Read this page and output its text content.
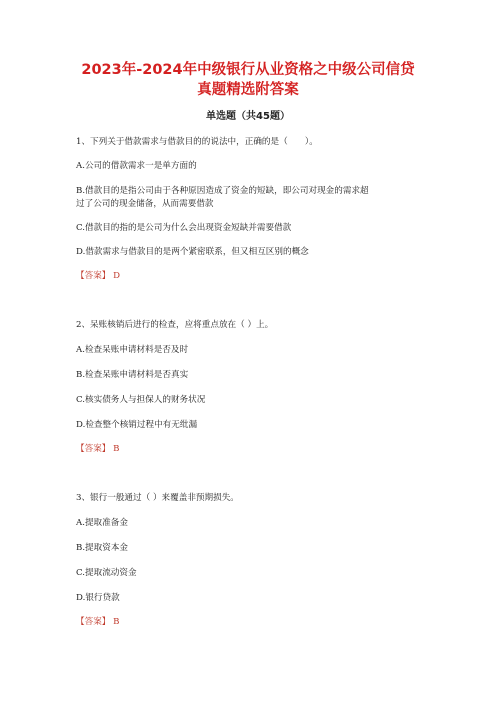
2023年-2024年中级银行从业资格之中级公司信贷
真题精选附答案
单选题（共45题）
1、下列关于借款需求与借款目的的说法中，正确的是（　　）。
A.公司的借款需求一是单方面的
B.借款目的是指公司由于各种原因造成了资金的短缺，即公司对现金的需求超
过了公司的现金储备，从而需要借款
C.借款目的指的是公司为什么会出现资金短缺并需要借款
D.借款需求与借款目的是两个紧密联系，但又相互区别的概念
【答案】 D
2、呆账核销后进行的检查，应将重点放在（ ）上。
A.检查呆账申请材料是否及时
B.检查呆账申请材料是否真实
C.核实债务人与担保人的财务状况
D.检查整个核销过程中有无纰漏
【答案】 B
3、银行一般通过（ ）来覆盖非预期损失。
A.提取准备金
B.提取资本金
C.提取流动资金
D.银行贷款
【答案】 B
